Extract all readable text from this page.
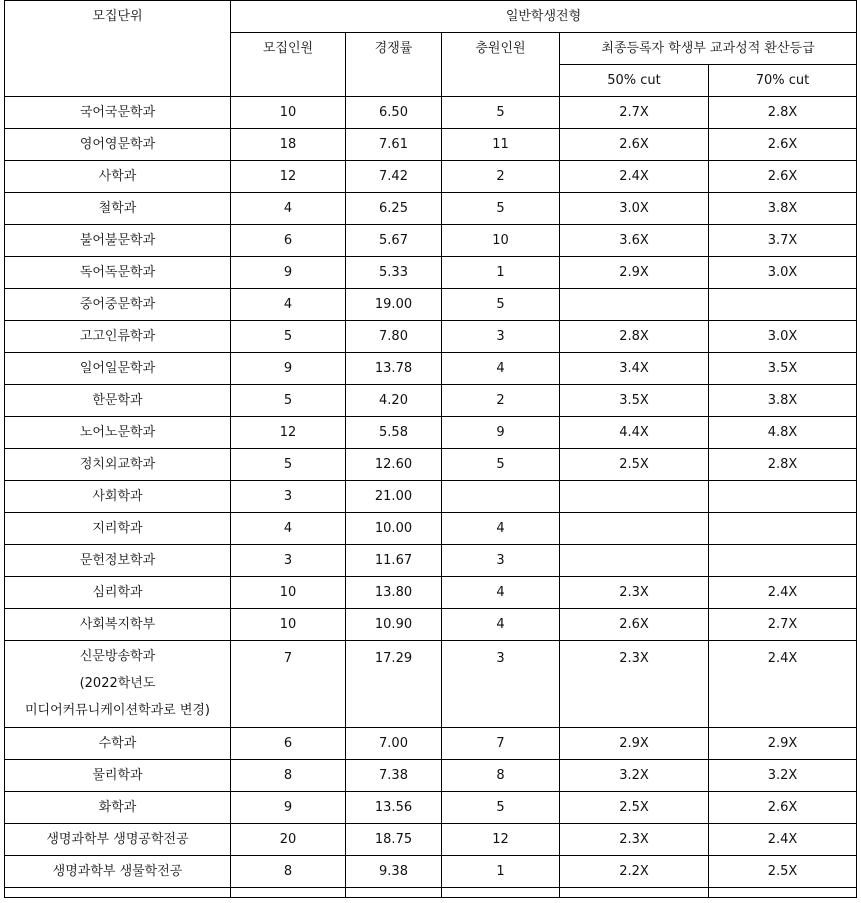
모집단위	일반학생전형				
	모집인원	경쟁률	충원인원	최종등록자 학생부 교과성적 환산등급	
				50% cut	70% cut
국어국문학과	10	6.50	5	2.7X	2.8X
영어영문학과	18	7.61	11	2.6X	2.6X
사학과	12	7.42	2	2.4X	2.6X
철학과	4	6.25	5	3.0X	3.8X
불어불문학과	6	5.67	10	3.6X	3.7X
독어독문학과	9	5.33	1	2.9X	3.0X
중어중문학과	4	19.00	5		
고고인류학과	5	7.80	3	2.8X	3.0X
일어일문학과	9	13.78	4	3.4X	3.5X
한문학과	5	4.20	2	3.5X	3.8X
노어노문학과	12	5.58	9	4.4X	4.8X
정치외교학과	5	12.60	5	2.5X	2.8X
사회학과	3	21.00			
지리학과	4	10.00	4		
문헌정보학과	3	11.67	3		
심리학과	10	13.80	4	2.3X	2.4X
사회복지학부	10	10.90	4	2.6X	2.7X

신문방송학과
(2022학년도
미디어커뮤니케이션학과로 변경)	7	17.29	3	2.3X	2.4X
수학과	6	7.00	7	2.9X	2.9X
물리학과	8	7.38	8	3.2X	3.2X
화학과	9	13.56	5	2.5X	2.6X
생명과학부 생명공학전공	20	18.75	12	2.3X	2.4X
생명과학부 생물학전공	8	9.38	1	2.2X	2.5X
